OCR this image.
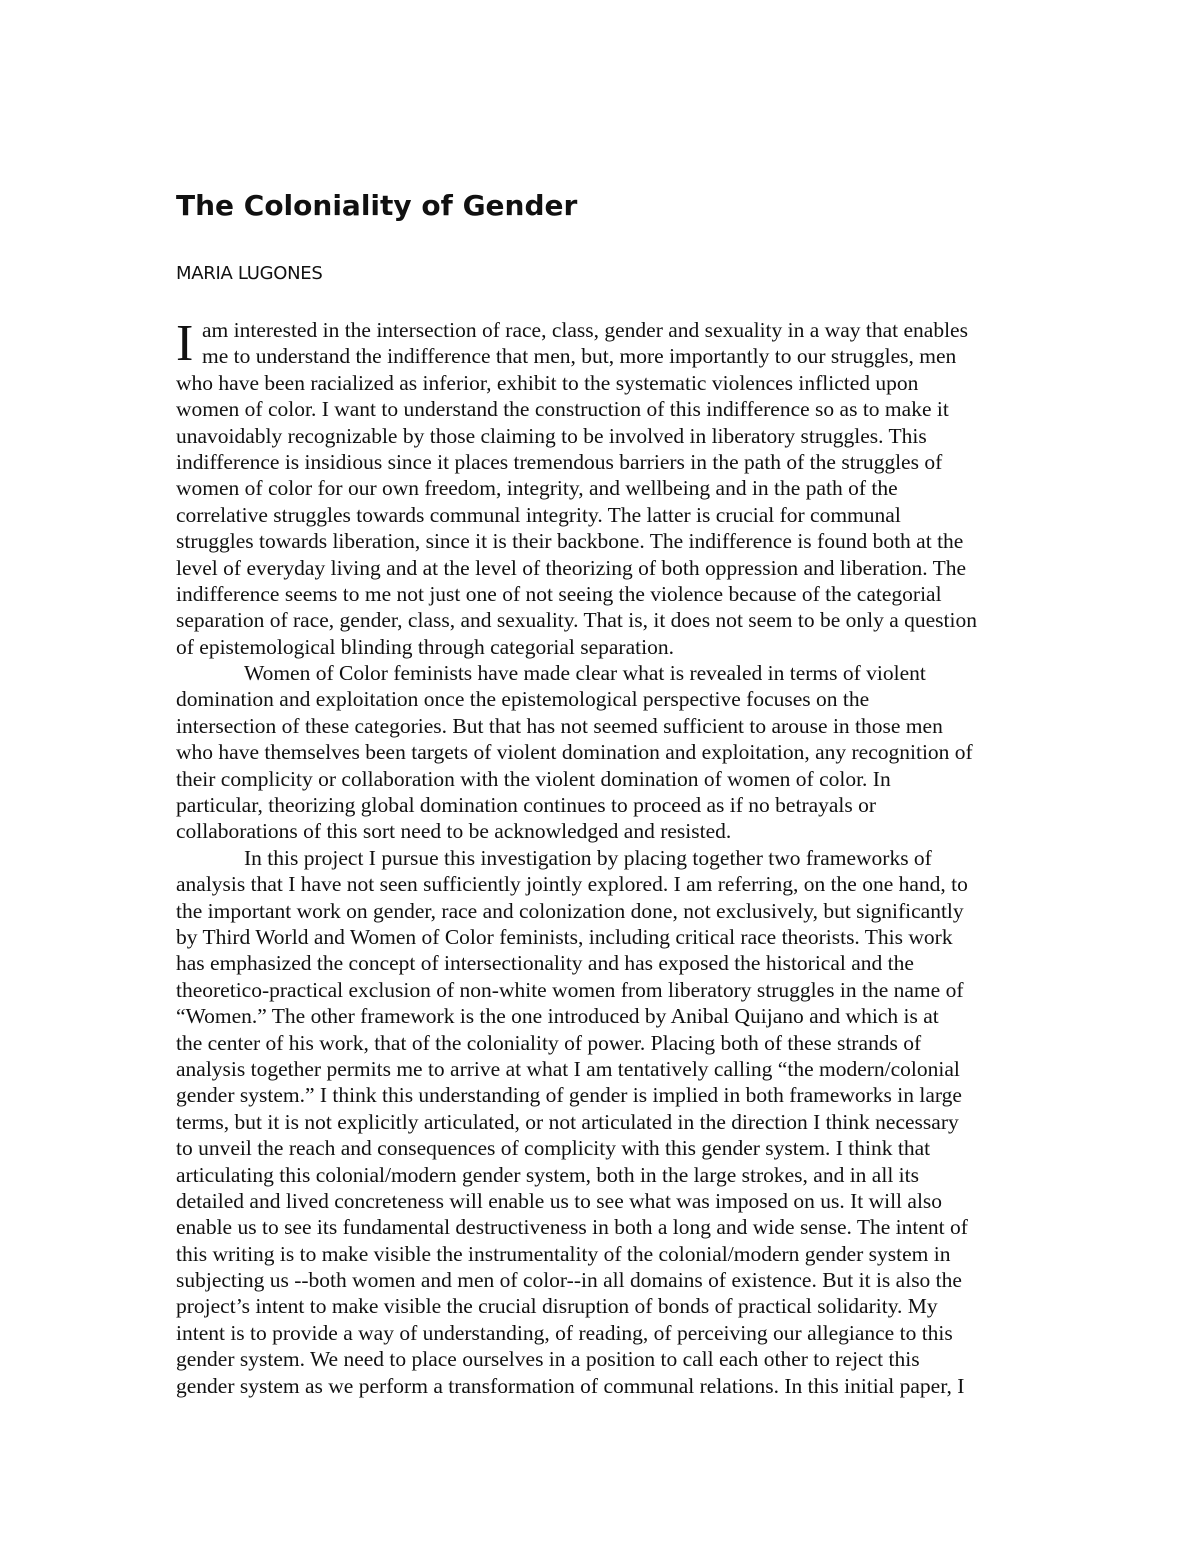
The Coloniality of Gender

MARIA LUGONES

I am interested in the intersection of race, class, gender and sexuality in a way that enables
me to understand the indifference that men, but, more importantly to our struggles, men
who have been racialized as inferior, exhibit to the systematic violences inflicted upon
women of color. I want to understand the construction of this indifference so as to make it
unavoidably recognizable by those claiming to be involved in liberatory struggles. This
indifference is insidious since it places tremendous barriers in the path of the struggles of
women of color for our own freedom, integrity, and wellbeing and in the path of the
correlative struggles towards communal integrity. The latter is crucial for communal
struggles towards liberation, since it is their backbone. The indifference is found both at the
level of everyday living and at the level of theorizing of both oppression and liberation. The
indifference seems to me not just one of not seeing the violence because of the categorial
separation of race, gender, class, and sexuality. That is, it does not seem to be only a question
of epistemological blinding through categorial separation.
Women of Color feminists have made clear what is revealed in terms of violent
domination and exploitation once the epistemological perspective focuses on the
intersection of these categories. But that has not seemed sufficient to arouse in those men
who have themselves been targets of violent domination and exploitation, any recognition of
their complicity or collaboration with the violent domination of women of color. In
particular, theorizing global domination continues to proceed as if no betrayals or
collaborations of this sort need to be acknowledged and resisted.
In this project I pursue this investigation by placing together two frameworks of
analysis that I have not seen sufficiently jointly explored. I am referring, on the one hand, to
the important work on gender, race and colonization done, not exclusively, but significantly
by Third World and Women of Color feminists, including critical race theorists. This work
has emphasized the concept of intersectionality and has exposed the historical and the
theoretico-practical exclusion of non-white women from liberatory struggles in the name of
“Women.” The other framework is the one introduced by Anibal Quijano and which is at
the center of his work, that of the coloniality of power. Placing both of these strands of
analysis together permits me to arrive at what I am tentatively calling “the modern/colonial
gender system.” I think this understanding of gender is implied in both frameworks in large
terms, but it is not explicitly articulated, or not articulated in the direction I think necessary
to unveil the reach and consequences of complicity with this gender system. I think that
articulating this colonial/modern gender system, both in the large strokes, and in all its
detailed and lived concreteness will enable us to see what was imposed on us. It will also
enable us to see its fundamental destructiveness in both a long and wide sense. The intent of
this writing is to make visible the instrumentality of the colonial/modern gender system in
subjecting us --both women and men of color--in all domains of existence. But it is also the
project’s intent to make visible the crucial disruption of bonds of practical solidarity. My
intent is to provide a way of understanding, of reading, of perceiving our allegiance to this
gender system. We need to place ourselves in a position to call each other to reject this
gender system as we perform a transformation of communal relations. In this initial paper, I
